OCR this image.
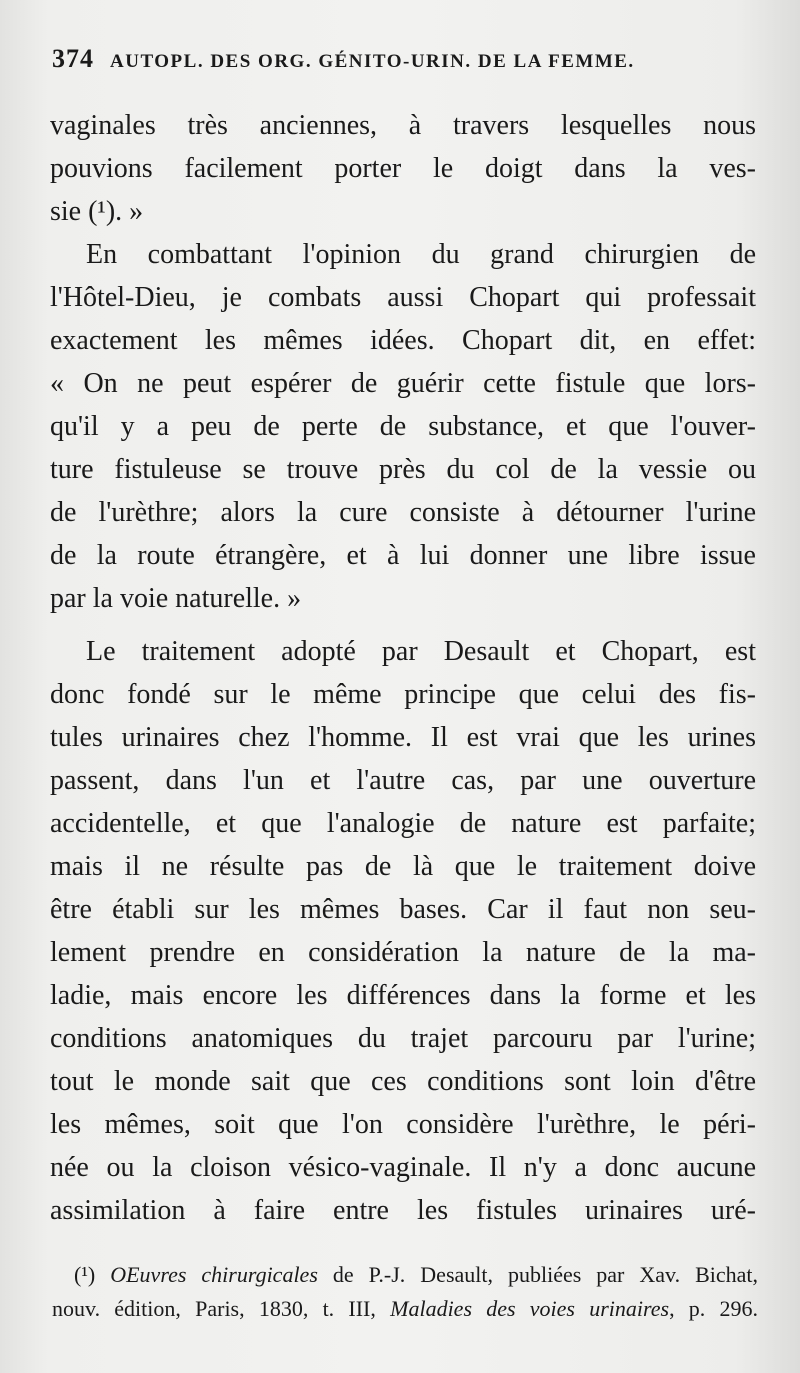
374 AUTOPL. DES ORG. GÉNITO-URIN. DE LA FEMME.
vaginales très anciennes, à travers lesquelles nous
pouvions facilement porter le doigt dans la ves-
sie (¹). »
En combattant l'opinion du grand chirurgien de
l'Hôtel-Dieu, je combats aussi Chopart qui professait
exactement les mêmes idées. Chopart dit, en effet:
« On ne peut espérer de guérir cette fistule que lors-
qu'il y a peu de perte de substance, et que l'ouver-
ture fistuleuse se trouve près du col de la vessie ou
de l'urèthre; alors la cure consiste à détourner l'urine
de la route étrangère, et à lui donner une libre issue
par la voie naturelle. »
Le traitement adopté par Desault et Chopart, est
donc fondé sur le même principe que celui des fis-
tules urinaires chez l'homme. Il est vrai que les urines
passent, dans l'un et l'autre cas, par une ouverture
accidentelle, et que l'analogie de nature est parfaite;
mais il ne résulte pas de là que le traitement doive
être établi sur les mêmes bases. Car il faut non seu-
lement prendre en considération la nature de la ma-
ladie, mais encore les différences dans la forme et les
conditions anatomiques du trajet parcouru par l'urine;
tout le monde sait que ces conditions sont loin d'être
les mêmes, soit que l'on considère l'urèthre, le péri-
née ou la cloison vésico-vaginale. Il n'y a donc aucune
assimilation à faire entre les fistules urinaires uré-
(¹) OEuvres chirurgicales de P.-J. Desault, publiées par Xav. Bichat,
nouv. édition, Paris, 1830, t. III, Maladies des voies urinaires, p. 296.
